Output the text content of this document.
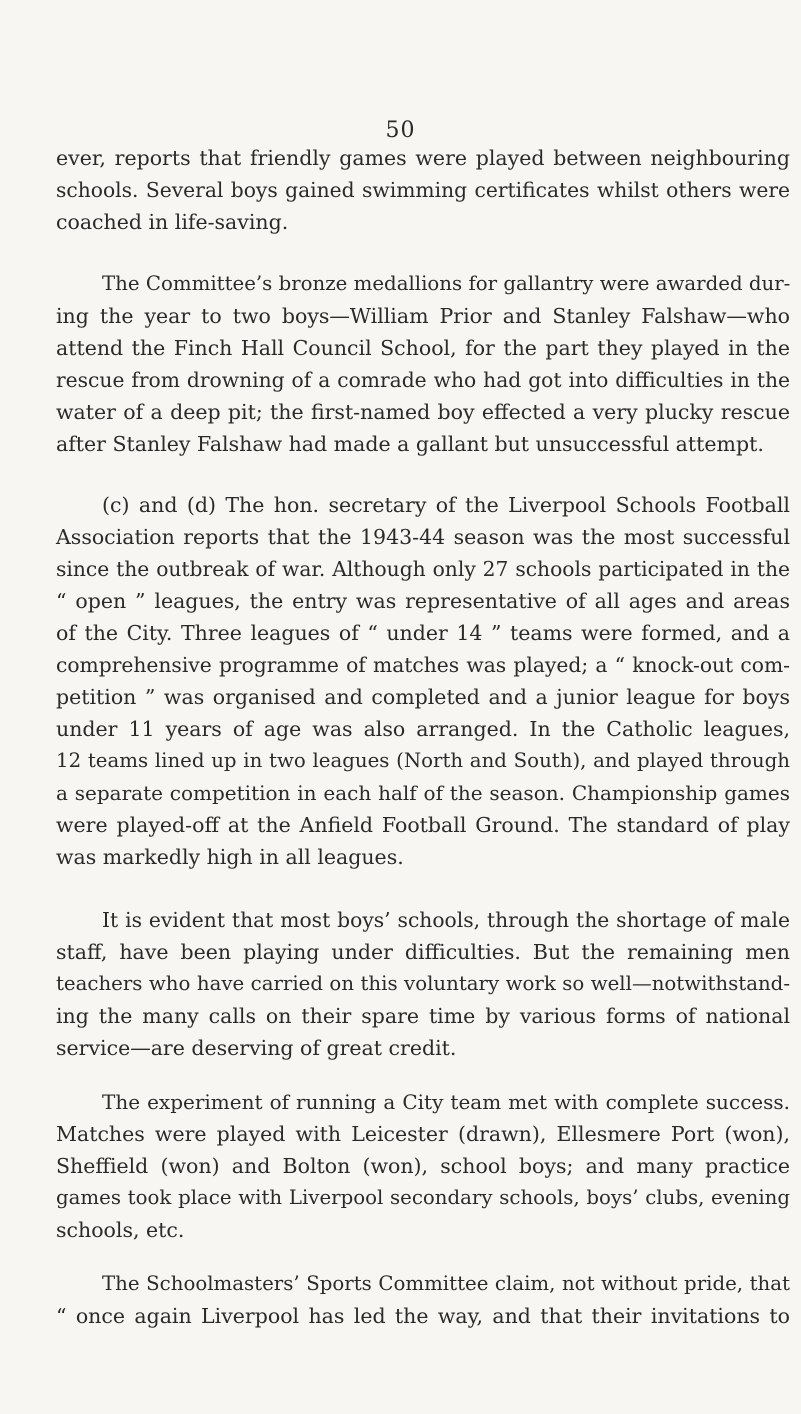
50
ever, reports that friendly games were played between neighbouring
schools. Several boys gained swimming certificates whilst others were
coached in life-saving.
The Committee’s bronze medallions for gallantry were awarded dur-
ing the year to two boys—William Prior and Stanley Falshaw—who
attend the Finch Hall Council School, for the part they played in the
rescue from drowning of a comrade who had got into difficulties in the
water of a deep pit; the first-named boy effected a very plucky rescue
after Stanley Falshaw had made a gallant but unsuccessful attempt.
(c) and (d) The hon. secretary of the Liverpool Schools Football
Association reports that the 1943-44 season was the most successful
since the outbreak of war. Although only 27 schools participated in the
“ open ” leagues, the entry was representative of all ages and areas
of the City. Three leagues of “ under 14 ” teams were formed, and a
comprehensive programme of matches was played; a “ knock-out com-
petition ” was organised and completed and a junior league for boys
under 11 years of age was also arranged. In the Catholic leagues,
12 teams lined up in two leagues (North and South), and played through
a separate competition in each half of the season. Championship games
were played-off at the Anfield Football Ground. The standard of play
was markedly high in all leagues.
It is evident that most boys’ schools, through the shortage of male
staff, have been playing under difficulties. But the remaining men
teachers who have carried on this voluntary work so well—notwithstand-
ing the many calls on their spare time by various forms of national
service—are deserving of great credit.
The experiment of running a City team met with complete success.
Matches were played with Leicester (drawn), Ellesmere Port (won),
Sheffield (won) and Bolton (won), school boys; and many practice
games took place with Liverpool secondary schools, boys’ clubs, evening
schools, etc.
The Schoolmasters’ Sports Committee claim, not without pride, that
“ once again Liverpool has led the way, and that their invitations to
